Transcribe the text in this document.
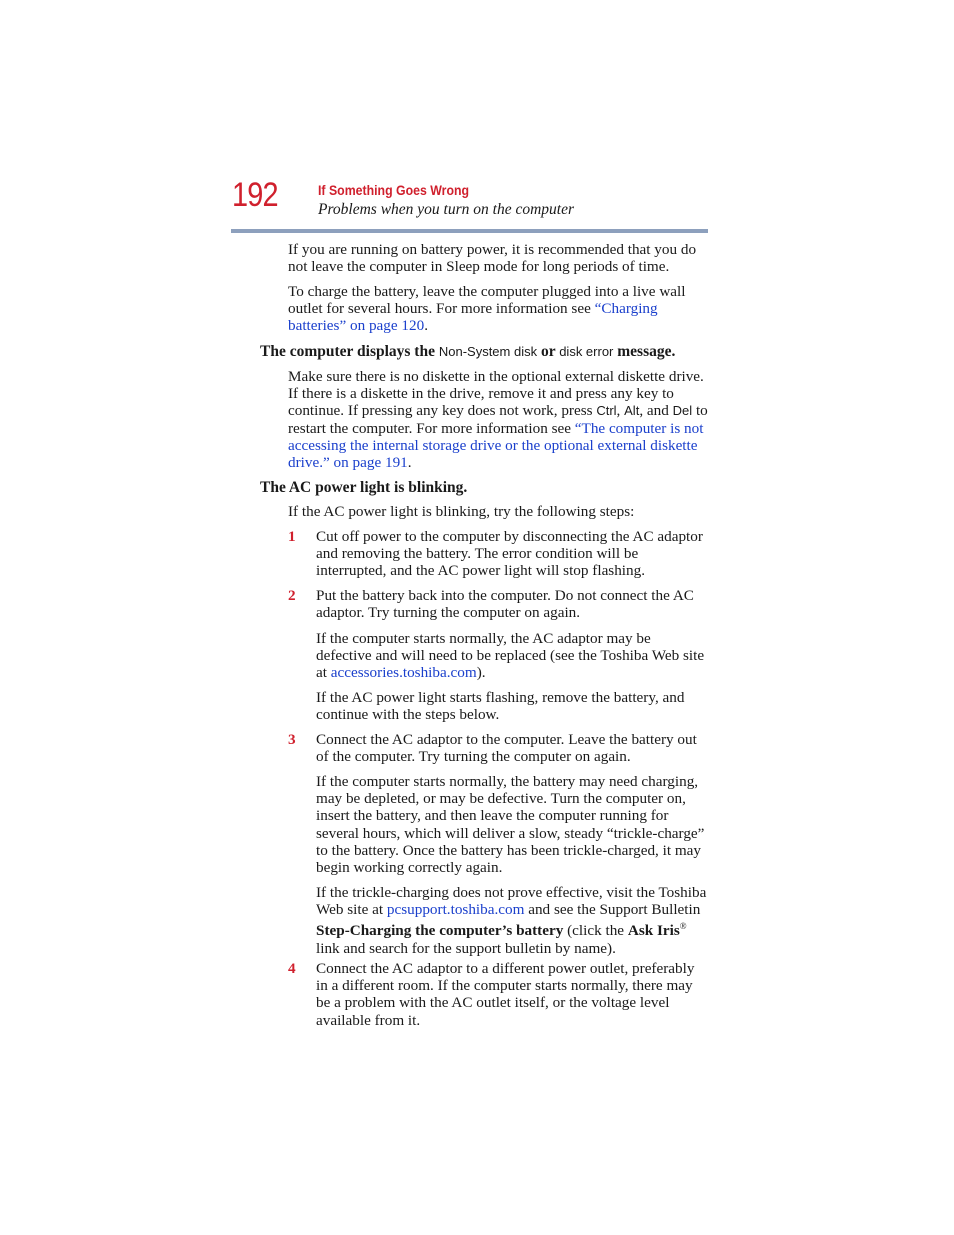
192	If Something Goes Wrong
Problems when you turn on the computer

If you are running on battery power, it is recommended that you do not leave the computer in Sleep mode for long periods of time.

To charge the battery, leave the computer plugged into a live wall outlet for several hours. For more information see “Charging batteries” on page 120.

The computer displays the Non-System disk or disk error message.

Make sure there is no diskette in the optional external diskette drive. If there is a diskette in the drive, remove it and press any key to continue. If pressing any key does not work, press Ctrl, Alt, and Del to restart the computer. For more information see “The computer is not accessing the internal storage drive or the optional external diskette drive.” on page 191.

The AC power light is blinking.

If the AC power light is blinking, try the following steps:

1 Cut off power to the computer by disconnecting the AC adaptor and removing the battery. The error condition will be interrupted, and the AC power light will stop flashing.

2 Put the battery back into the computer. Do not connect the AC adaptor. Try turning the computer on again.

If the computer starts normally, the AC adaptor may be defective and will need to be replaced (see the Toshiba Web site at accessories.toshiba.com).

If the AC power light starts flashing, remove the battery, and continue with the steps below.

3 Connect the AC adaptor to the computer. Leave the battery out of the computer. Try turning the computer on again.

If the computer starts normally, the battery may need charging, may be depleted, or may be defective. Turn the computer on, insert the battery, and then leave the computer running for several hours, which will deliver a slow, steady “trickle-charge” to the battery. Once the battery has been trickle-charged, it may begin working correctly again.

If the trickle-charging does not prove effective, visit the Toshiba Web site at pcsupport.toshiba.com and see the Support Bulletin Step-Charging the computer’s battery (click the Ask Iris® link and search for the support bulletin by name).

4 Connect the AC adaptor to a different power outlet, preferably in a different room. If the computer starts normally, there may be a problem with the AC outlet itself, or the voltage level available from it.
